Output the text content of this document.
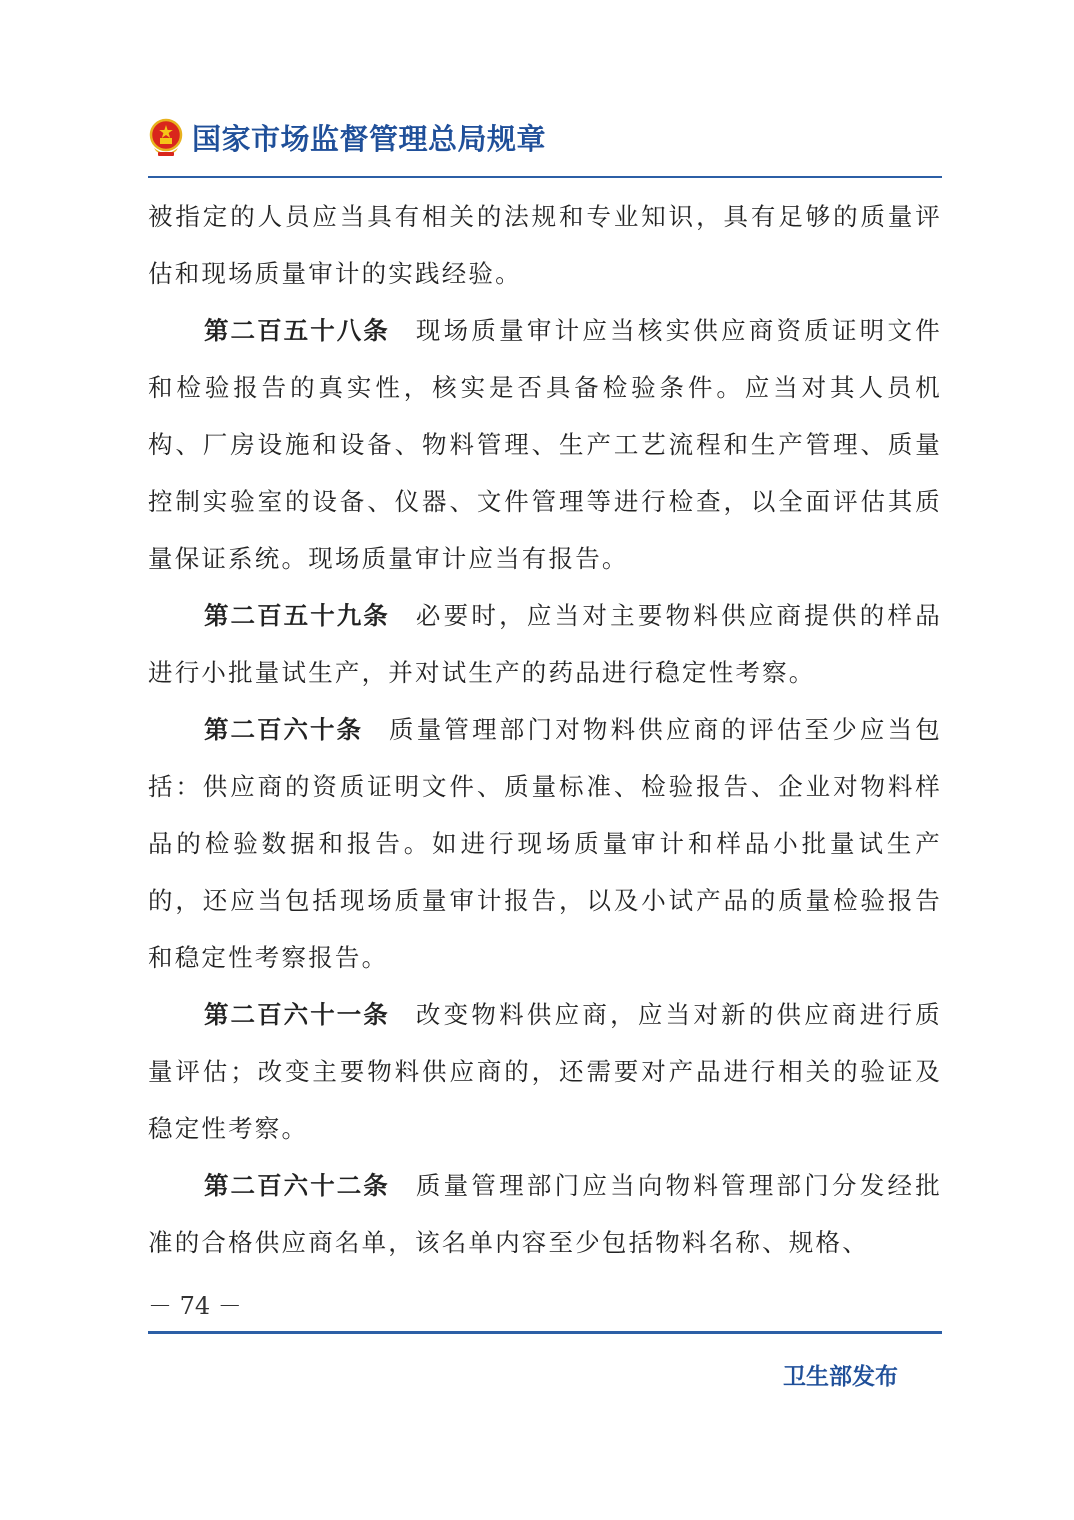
国家市场监督管理总局规章

被指定的人员应当具有相关的法规和专业知识，具有足够的质量评估和现场质量审计的实践经验。

第二百五十八条 现场质量审计应当核实供应商资质证明文件和检验报告的真实性，核实是否具备检验条件。应当对其人员机构、厂房设施和设备、物料管理、生产工艺流程和生产管理、质量控制实验室的设备、仪器、文件管理等进行检查，以全面评估其质量保证系统。现场质量审计应当有报告。

第二百五十九条 必要时，应当对主要物料供应商提供的样品进行小批量试生产，并对试生产的药品进行稳定性考察。

第二百六十条 质量管理部门对物料供应商的评估至少应当包括：供应商的资质证明文件、质量标准、检验报告、企业对物料样品的检验数据和报告。如进行现场质量审计和样品小批量试生产的，还应当包括现场质量审计报告，以及小试产品的质量检验报告和稳定性考察报告。

第二百六十一条 改变物料供应商，应当对新的供应商进行质量评估；改变主要物料供应商的，还需要对产品进行相关的验证及稳定性考察。

第二百六十二条 质量管理部门应当向物料管理部门分发经批准的合格供应商名单，该名单内容至少包括物料名称、规格、

－ 74 －
卫生部发布
